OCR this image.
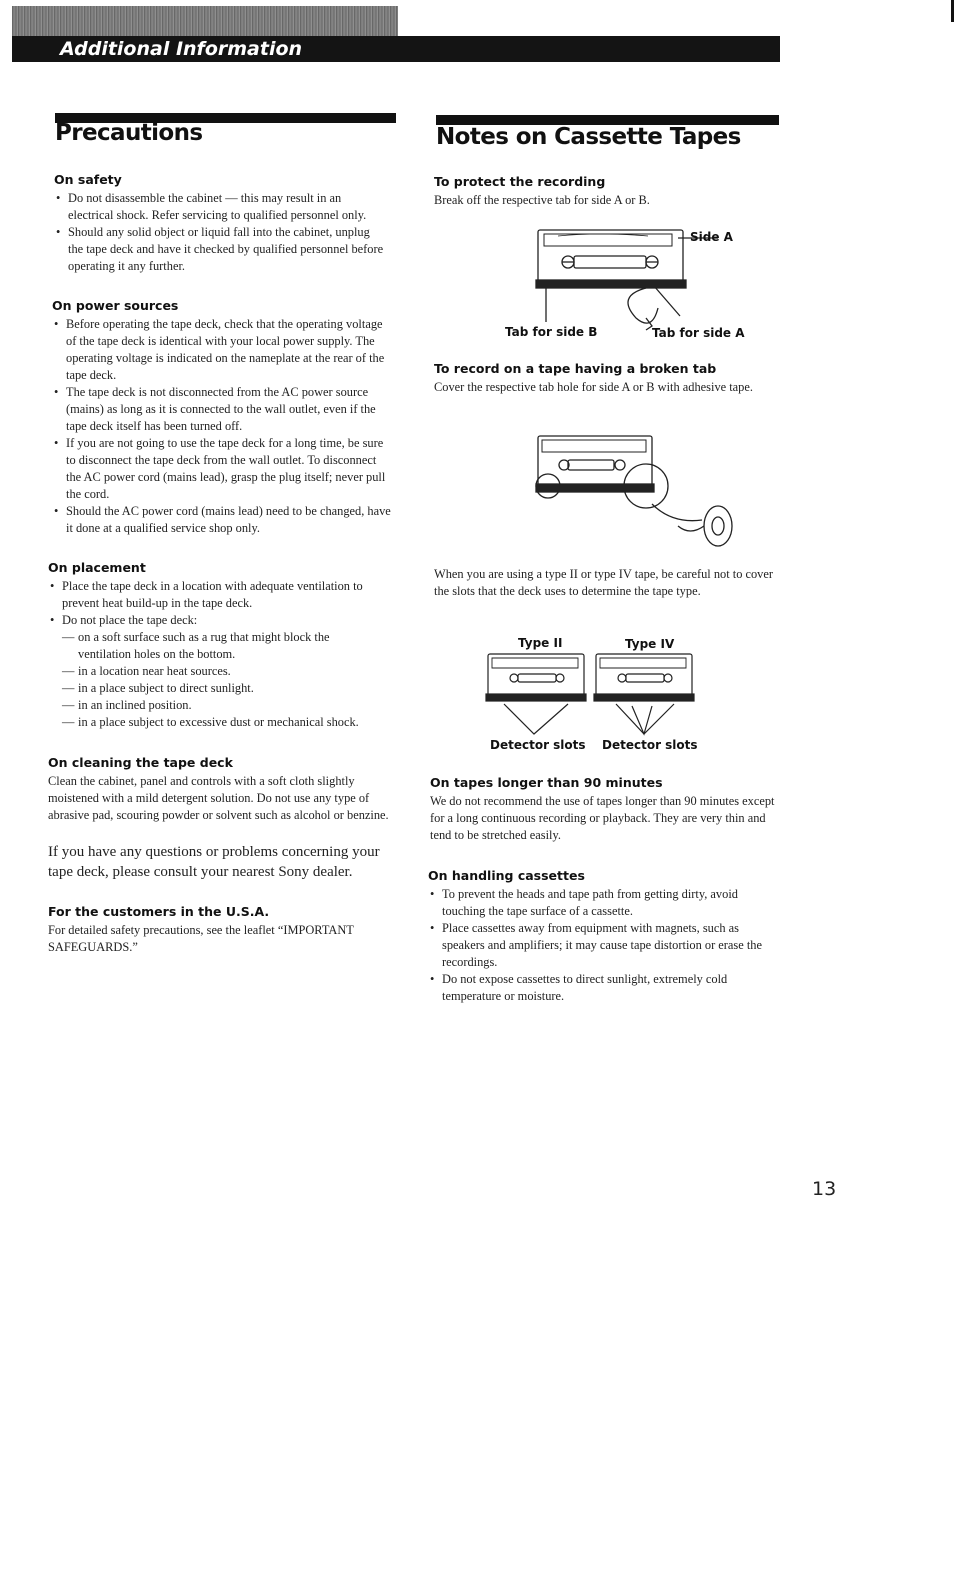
Additional Information
Precautions	Notes on Cassette Tapes
On safety
• Do not disassemble the cabinet — this may result in an electrical shock. Refer servicing to qualified personnel only.
• Should any solid object or liquid fall into the cabinet, unplug the tape deck and have it checked by qualified personnel before operating it any further.
On power sources
• Before operating the tape deck, check that the operating voltage of the tape deck is identical with your local power supply. The operating voltage is indicated on the nameplate at the rear of the tape deck.
• The tape deck is not disconnected from the AC power source (mains) as long as it is connected to the wall outlet, even if the tape deck itself has been turned off.
• If you are not going to use the tape deck for a long time, be sure to disconnect the tape deck from the wall outlet. To disconnect the AC power cord (mains lead), grasp the plug itself; never pull the cord.
• Should the AC power cord (mains lead) need to be changed, have it done at a qualified service shop only.
On placement
• Place the tape deck in a location with adequate ventilation to prevent heat build-up in the tape deck.
• Do not place the tape deck:
— on a soft surface such as a rug that might block the ventilation holes on the bottom.
— in a location near heat sources.
— in a place subject to direct sunlight.
— in an inclined position.
— in a place subject to excessive dust or mechanical shock.
On cleaning the tape deck

Clean the cabinet, panel and controls with a soft cloth slightly moistened with a mild detergent solution. Do not use any type of abrasive pad, scouring powder or solvent such as alcohol or benzine.

If you have any questions or problems concerning your tape deck, please consult your nearest Sony dealer.

For the customers in the U.S.A.

For detailed safety precautions, see the leaflet “IMPORTANT SAFEGUARDS.”

To protect the recording

Break off the respective tab for side A or B.

Side A
Tab for side B	Tab for side A
To record on a tape having a broken tab

Cover the respective tab hole for side A or B with adhesive tape.

When you are using a type II or type IV tape, be careful not to cover the slots that the deck uses to determine the tape type.

Type II	Type IV
Detector slots Detector slots
On tapes longer than 90 minutes

We do not recommend the use of tapes longer than 90 minutes except for a long continuous recording or playback. They are very thin and tend to be stretched easily.

On handling cassettes
• To prevent the heads and tape path from getting dirty, avoid touching the tape surface of a cassette.
• Place cassettes away from equipment with magnets, such as speakers and amplifiers; it may cause tape distortion or erase the recordings.
• Do not expose cassettes to direct sunlight, extremely cold temperature or moisture.
13
